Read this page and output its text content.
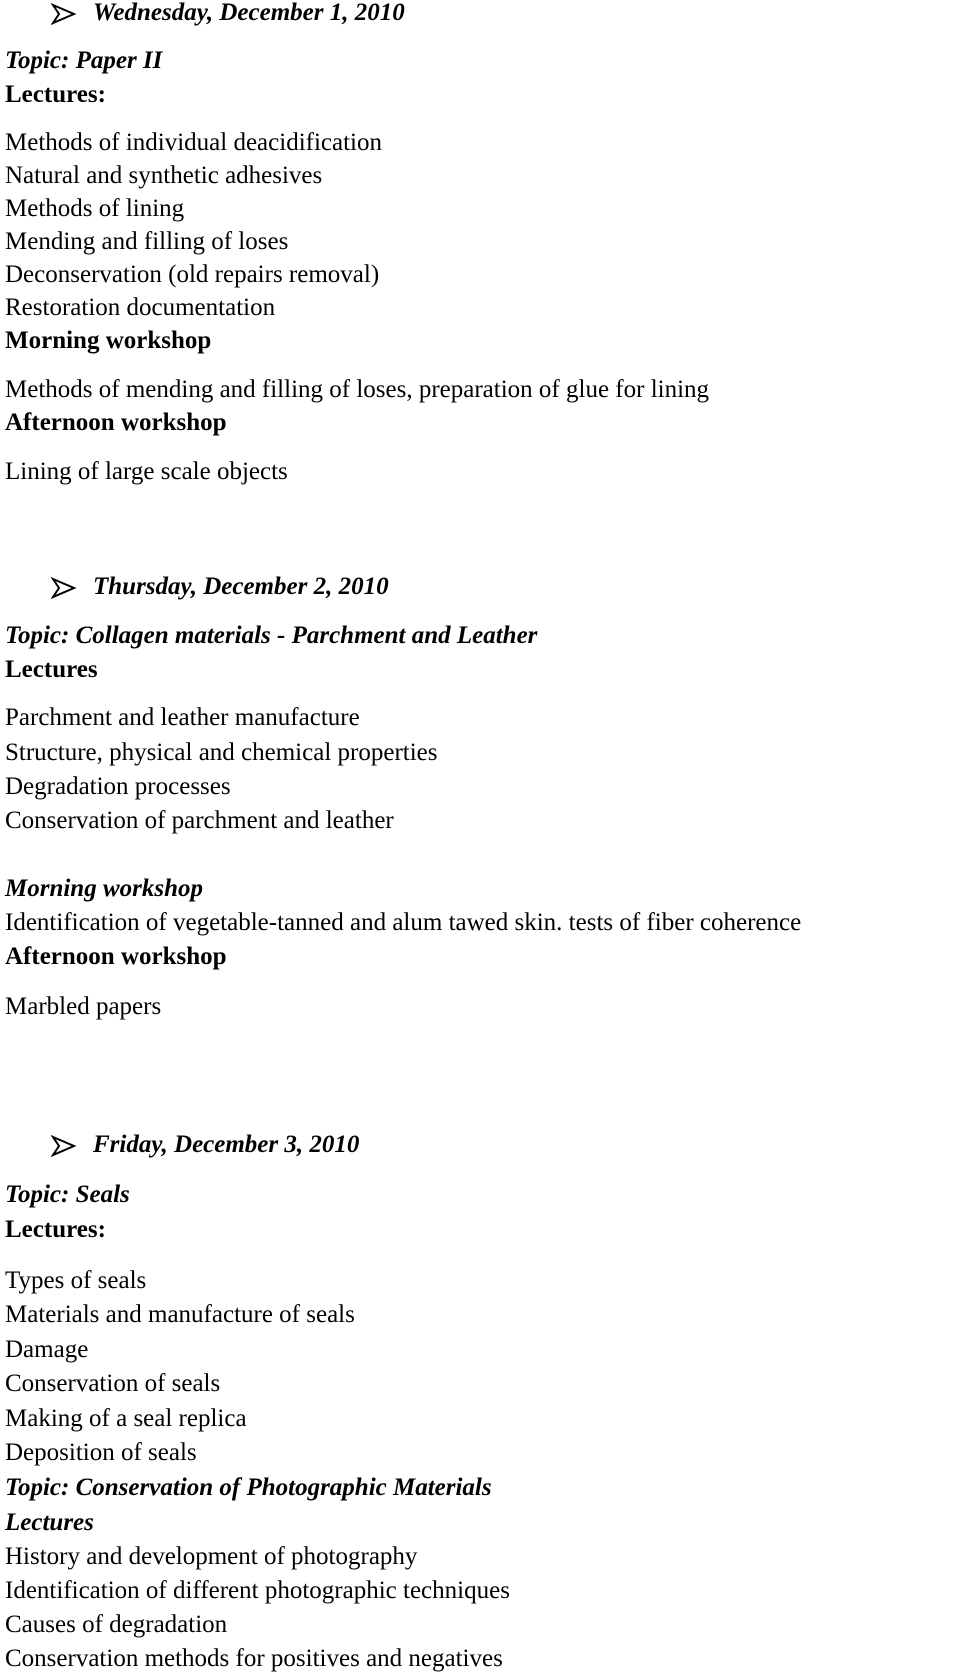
Wednesday, December 1, 2010
Topic: Paper II
Lectures:
Methods of individual deacidification
Natural and synthetic adhesives
Methods of lining
Mending and filling of loses
Deconservation (old repairs removal)
Restoration documentation
Morning workshop
Methods of mending and filling of loses, preparation of glue for lining
Afternoon workshop
Lining of large scale objects
Thursday, December 2, 2010
Topic: Collagen materials - Parchment and Leather
Lectures
Parchment and leather manufacture
Structure, physical and chemical properties
Degradation processes
Conservation of parchment and leather
Morning workshop
Identification of vegetable-tanned and alum tawed skin. tests of fiber coherence
Afternoon workshop
Marbled papers
Friday, December 3, 2010
Topic: Seals
Lectures:
Types of seals
Materials and manufacture of seals
Damage
Conservation of seals
Making of a seal replica
Deposition of seals
Topic: Conservation of Photographic Materials
Lectures
History and development of photography
Identification of different photographic techniques
Causes of degradation
Conservation methods for positives and negatives
